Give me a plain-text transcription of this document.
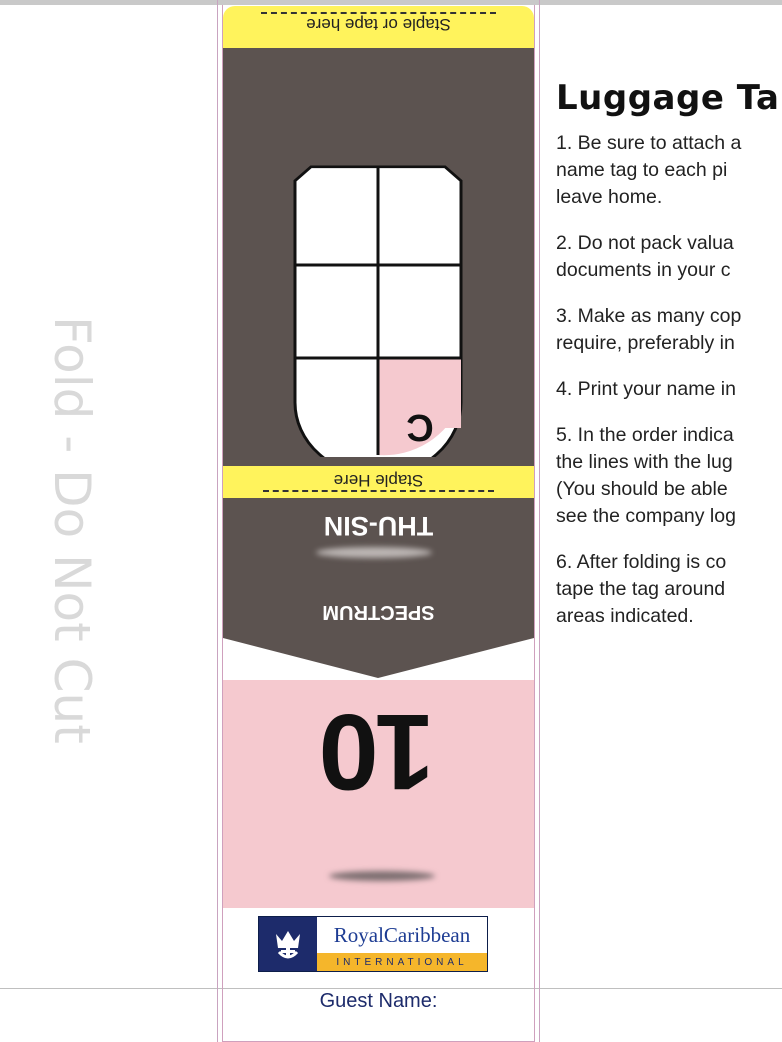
Fold - Do Not Cut
Staple or tape here
C
Staple Here
THU-SIN
SPECTRUM
10
RoyalCaribbean
INTERNATIONAL
Guest Name:
Luggage Ta

1. Be sure to attach a
name tag to each pi
leave home.

2. Do not pack valua
documents in your c

3. Make as many cop
require, preferably in

4. Print your name in

5. In the order indica
the lines with the lug
(You should be able
see the company log

6. After folding is co
tape the tag around
areas indicated.
